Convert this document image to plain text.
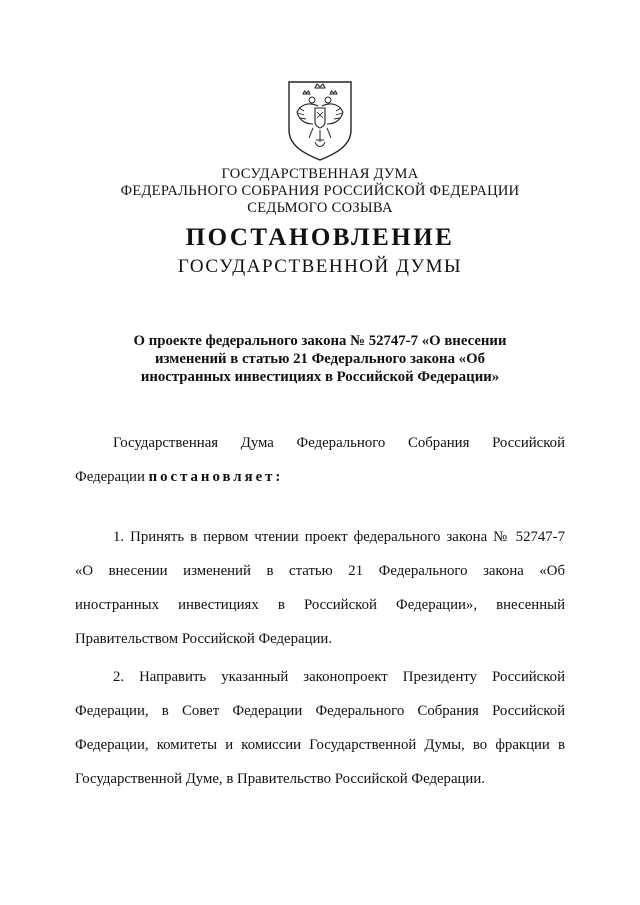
ГОСУДАРСТВЕННАЯ ДУМА
ФЕДЕРАЛЬНОГО СОБРАНИЯ РОССИЙСКОЙ ФЕДЕРАЦИИ
СЕДЬМОГО СОЗЫВА
ПОСТАНОВЛЕНИЕ
ГОСУДАРСТВЕННОЙ ДУМЫ
О проекте федерального закона № 52747-7 «О внесении
изменений в статью 21 Федерального закона «Об
иностранных инвестициях в Российской Федерации»
Государственная Дума Федерального Собрания Российской
Федерации постановляет:
1. Принять в первом чтении проект федерального закона № 52747-7
«О внесении изменений в статью 21 Федерального закона «Об
иностранных инвестициях в Российской Федерации», внесенный
Правительством Российской Федерации.
2. Направить указанный законопроект Президенту Российской
Федерации, в Совет Федерации Федерального Собрания Российской
Федерации, комитеты и комиссии Государственной Думы, во фракции в
Государственной Думе, в Правительство Российской Федерации.
